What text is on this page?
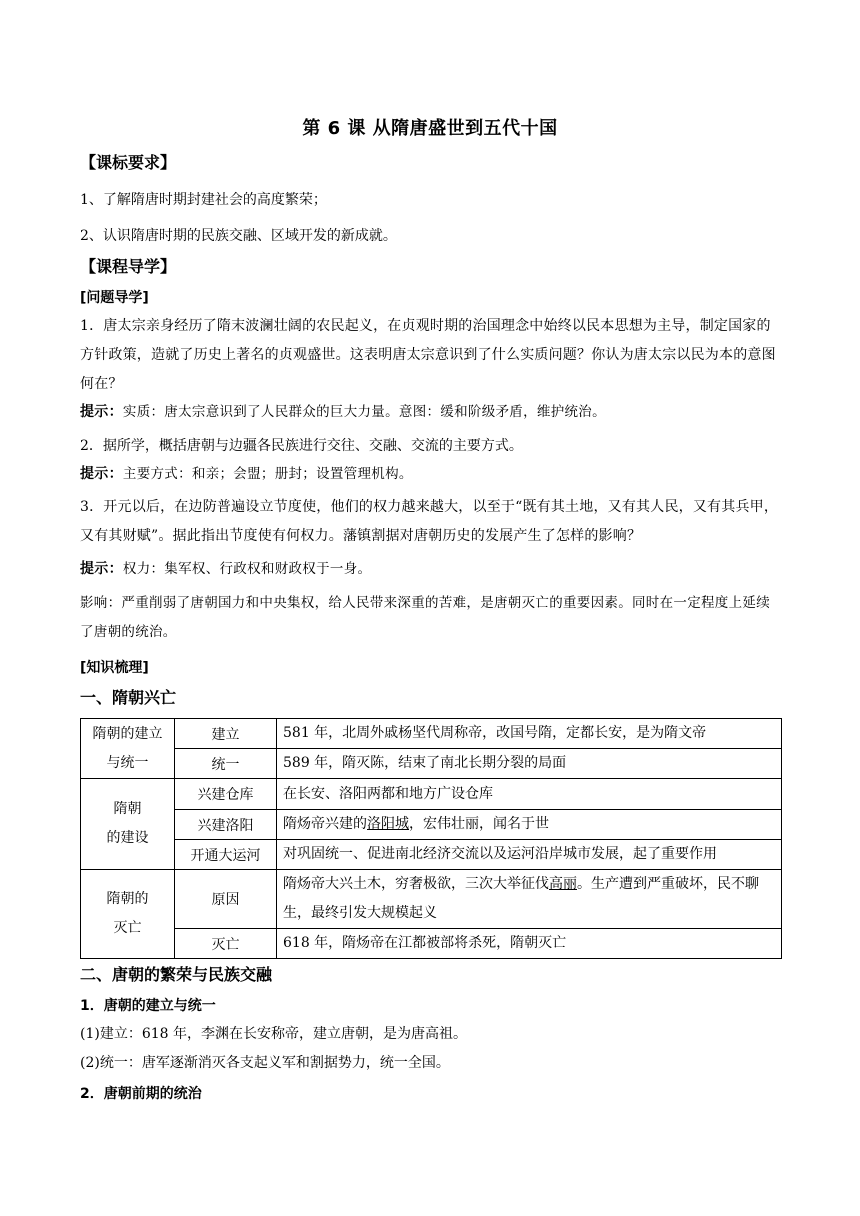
第 6 课 从隋唐盛世到五代十国
【课标要求】
1、了解隋唐时期封建社会的高度繁荣；
2、认识隋唐时期的民族交融、区域开发的新成就。
【课程导学】
[问题导学]
1．唐太宗亲身经历了隋末波澜壮阔的农民起义，在贞观时期的治国理念中始终以民本思想为主导，制定国家的方针政策，造就了历史上著名的贞观盛世。这表明唐太宗意识到了什么实质问题？你认为唐太宗以民为本的意图何在？
提示：实质：唐太宗意识到了人民群众的巨大力量。意图：缓和阶级矛盾，维护统治。
2．据所学，概括唐朝与边疆各民族进行交往、交融、交流的主要方式。
提示：主要方式：和亲；会盟；册封；设置管理机构。
3．开元以后，在边防普遍设立节度使，他们的权力越来越大，以至于“既有其土地，又有其人民，又有其兵甲，又有其财赋”。据此指出节度使有何权力。藩镇割据对唐朝历史的发展产生了怎样的影响？
提示：权力：集军权、行政权和财政权于一身。
影响：严重削弱了唐朝国力和中央集权，给人民带来深重的苦难，是唐朝灭亡的重要因素。同时在一定程度上延续了唐朝的统治。
[知识梳理]
一、隋朝兴亡
隋朝的建立与统一	建立	581 年，北周外戚杨坚代周称帝，改国号隋，定都长安，是为隋文帝
	统一	589 年，隋灭陈，结束了南北长期分裂的局面

隋朝
的建设	兴建仓库	在长安、洛阳两都和地方广设仓库
	兴建洛阳	隋炀帝兴建的洛阳城，宏伟壮丽，闻名于世
	开通大运河	对巩固统一、促进南北经济交流以及运河沿岸城市发展，起了重要作用

隋朝的
灭亡	原因	隋炀帝大兴土木，穷奢极欲，三次大举征伐高丽。生产遭到严重破坏，民不聊生，最终引发大规模起义
	灭亡	618 年，隋炀帝在江都被部将杀死，隋朝灭亡
二、唐朝的繁荣与民族交融
1．唐朝的建立与统一
(1)建立：618 年，李渊在长安称帝，建立唐朝，是为唐高祖。
(2)统一：唐军逐渐消灭各支起义军和割据势力，统一全国。
2．唐朝前期的统治
